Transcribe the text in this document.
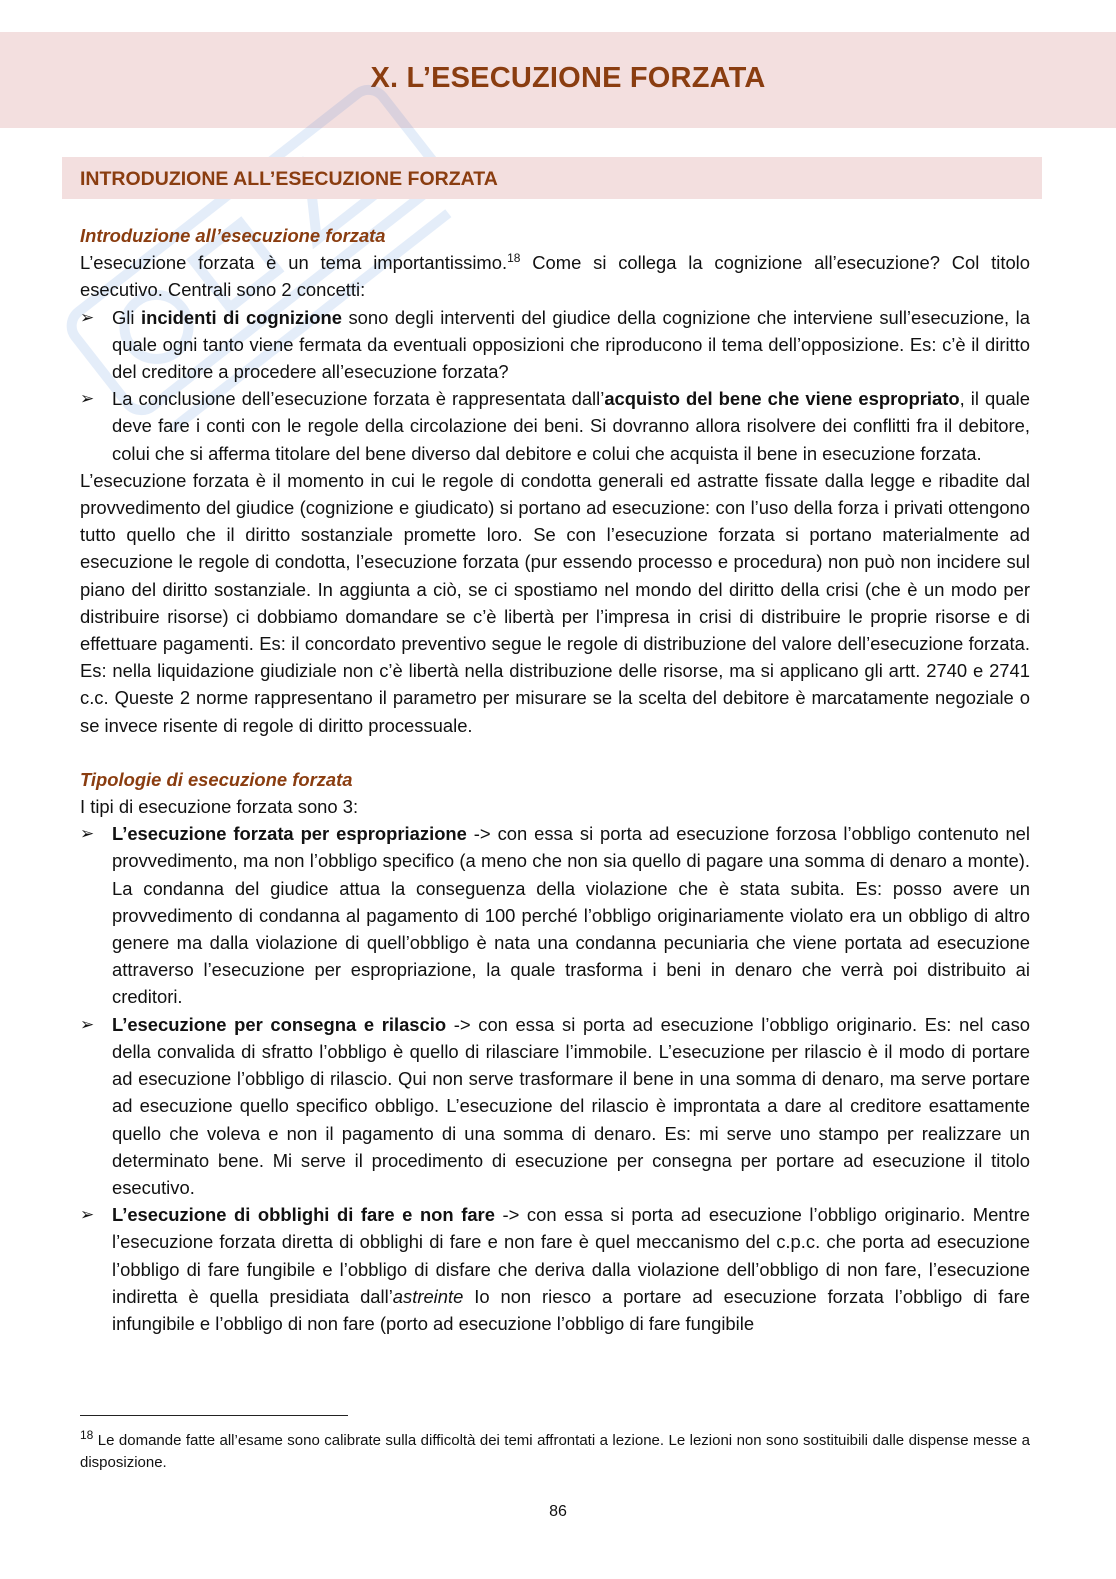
X. L’ESECUZIONE FORZATA
INTRODUZIONE ALL’ESECUZIONE FORZATA

Introduzione all’esecuzione forzata

L’esecuzione forzata è un tema importantissimo.$^{18}$ Come si collega la cognizione all’esecuzione? Col titolo esecutivo. Centrali sono 2 concetti:

➢ Gli incidenti di cognizione sono degli interventi del giudice della cognizione che interviene sull’esecuzione, la quale ogni tanto viene fermata da eventuali opposizioni che riproducono il tema dell’opposizione. Es: c’è il diritto del creditore a procedere all’esecuzione forzata?
➢ La conclusione dell’esecuzione forzata è rappresentata dall’acquisto del bene che viene espropriato, il quale deve fare i conti con le regole della circolazione dei beni. Si dovranno allora risolvere dei conflitti fra il debitore, colui che si afferma titolare del bene diverso dal debitore e colui che acquista il bene in esecuzione forzata.

L’esecuzione forzata è il momento in cui le regole di condotta generali ed astratte fissate dalla legge e ribadite dal provvedimento del giudice (cognizione e giudicato) si portano ad esecuzione: con l’uso della forza i privati ottengono tutto quello che il diritto sostanziale promette loro. Se con l’esecuzione forzata si portano materialmente ad esecuzione le regole di condotta, l’esecuzione forzata (pur essendo processo e procedura) non può non incidere sul piano del diritto sostanziale. In aggiunta a ciò, se ci spostiamo nel mondo del diritto della crisi (che è un modo per distribuire risorse) ci dobbiamo domandare se c’è libertà per l’impresa in crisi di distribuire le proprie risorse e di effettuare pagamenti. Es: il concordato preventivo segue le regole di distribuzione del valore dell’esecuzione forzata. Es: nella liquidazione giudiziale non c’è libertà nella distribuzione delle risorse, ma si applicano gli artt. 2740 e 2741 c.c. Queste 2 norme rappresentano il parametro per misurare se la scelta del debitore è marcatamente negoziale o se invece risente di regole di diritto processuale.

Tipologie di esecuzione forzata

I tipi di esecuzione forzata sono 3:

➢ L’esecuzione forzata per espropriazione -> con essa si porta ad esecuzione forzosa l’obbligo contenuto nel provvedimento, ma non l’obbligo specifico (a meno che non sia quello di pagare una somma di denaro a monte). La condanna del giudice attua la conseguenza della violazione che è stata subita. Es: posso avere un provvedimento di condanna al pagamento di 100 perché l’obbligo originariamente violato era un obbligo di altro genere ma dalla violazione di quell’obbligo è nata una condanna pecuniaria che viene portata ad esecuzione attraverso l’esecuzione per espropriazione, la quale trasforma i beni in denaro che verrà poi distribuito ai creditori.
➢ L’esecuzione per consegna e rilascio -> con essa si porta ad esecuzione l’obbligo originario. Es: nel caso della convalida di sfratto l’obbligo è quello di rilasciare l’immobile. L’esecuzione per rilascio è il modo di portare ad esecuzione l’obbligo di rilascio. Qui non serve trasformare il bene in una somma di denaro, ma serve portare ad esecuzione quello specifico obbligo. L’esecuzione del rilascio è improntata a dare al creditore esattamente quello che voleva e non il pagamento di una somma di denaro. Es: mi serve uno stampo per realizzare un determinato bene. Mi serve il procedimento di esecuzione per consegna per portare ad esecuzione il titolo esecutivo.
➢ L’esecuzione di obblighi di fare e non fare -> con essa si porta ad esecuzione l’obbligo originario. Mentre l’esecuzione forzata diretta di obblighi di fare e non fare è quel meccanismo del c.p.c. che porta ad esecuzione l’obbligo di fare fungibile e l’obbligo di disfare che deriva dalla violazione dell’obbligo di non fare, l’esecuzione indiretta è quella presidiata dall’astreinte Io non riesco a portare ad esecuzione forzata l’obbligo di fare infungibile e l’obbligo di non fare (porto ad esecuzione l’obbligo di fare fungibile
$^{18}$ Le domande fatte all’esame sono calibrate sulla difficoltà dei temi affrontati a lezione. Le lezioni non sono sostituibili dalle dispense messe a disposizione.
86
